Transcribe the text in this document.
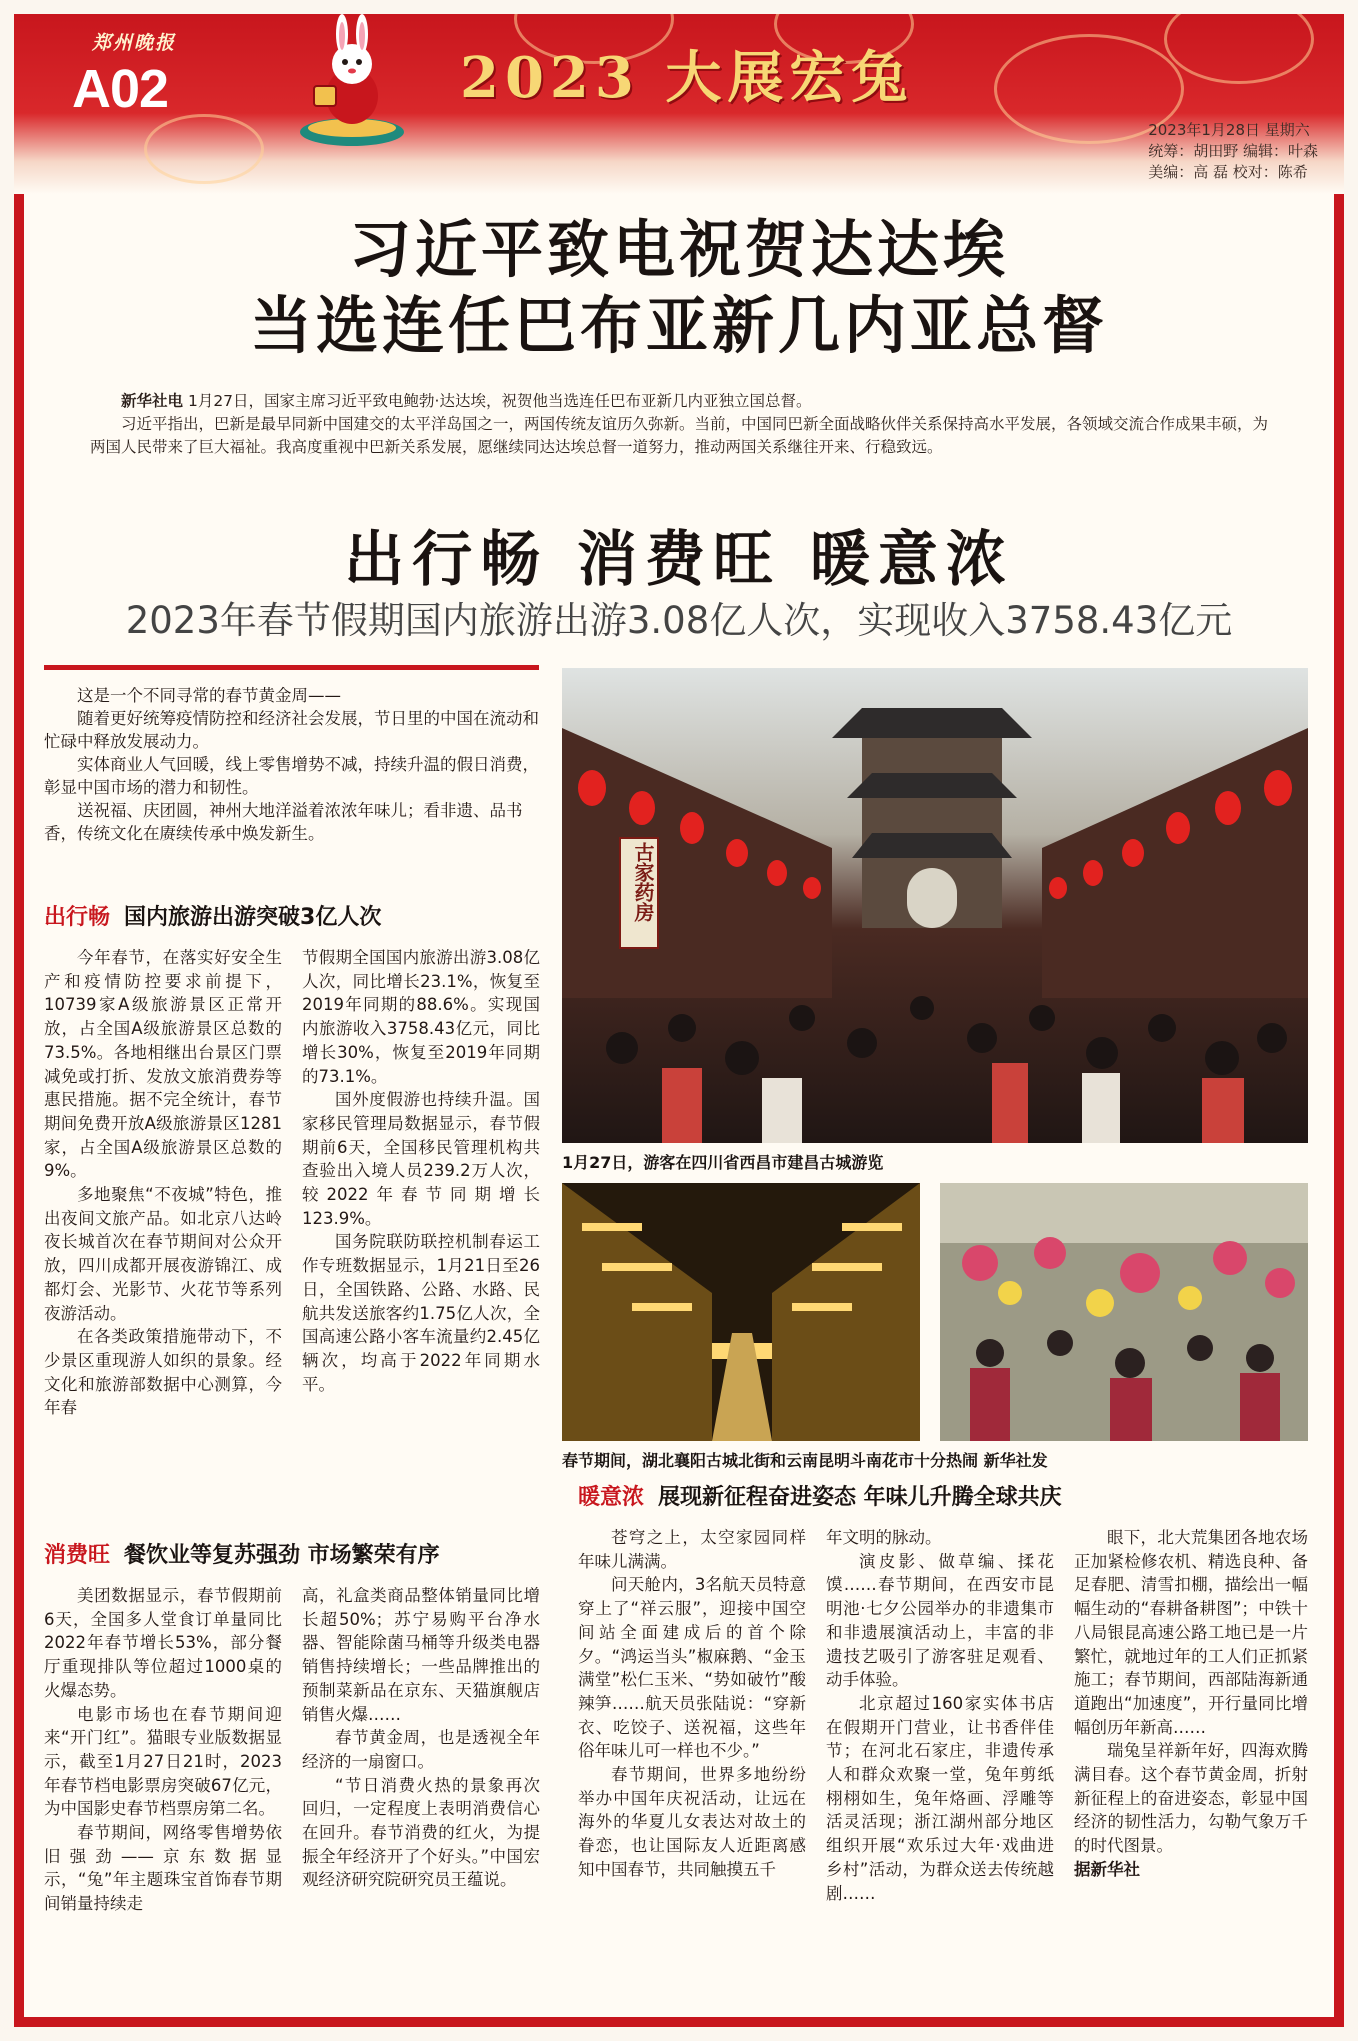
郑州晚报
A02	2023 大展宏兔
2023年1月28日 星期六
统筹：胡田野 编辑：叶森
美编：高 磊 校对：陈希
习近平致电祝贺达达埃
当选连任巴布亚新几内亚总督

新华社电 1月27日，国家主席习近平致电鲍勃·达达埃，祝贺他当选连任巴布亚新几内亚独立国总督。

习近平指出，巴新是最早同新中国建交的太平洋岛国之一，两国传统友谊历久弥新。当前，中国同巴新全面战略伙伴关系保持高水平发展，各领域交流合作成果丰硕，为两国人民带来了巨大福祉。我高度重视中巴新关系发展，愿继续同达达埃总督一道努力，推动两国关系继往开来、行稳致远。

出行畅 消费旺 暖意浓
2023年春节假期国内旅游出游3.08亿人次，实现收入3758.43亿元

这是一个不同寻常的春节黄金周——

随着更好统筹疫情防控和经济社会发展，节日里的中国在流动和忙碌中释放发展动力。

实体商业人气回暖，线上零售增势不减，持续升温的假日消费，彰显中国市场的潜力和韧性。

送祝福、庆团圆，神州大地洋溢着浓浓年味儿；看非遗、品书香，传统文化在赓续传承中焕发新生。

出行畅 国内旅游出游突破3亿人次

今年春节，在落实好安全生产和疫情防控要求前提下，10739家A级旅游景区正常开放，占全国A级旅游景区总数的73.5%。各地相继出台景区门票减免或打折、发放文旅消费券等惠民措施。据不完全统计，春节期间免费开放A级旅游景区1281家，占全国A级旅游景区总数的9%。

多地聚焦“不夜城”特色，推出夜间文旅产品。如北京八达岭夜长城首次在春节期间对公众开放，四川成都开展夜游锦江、成都灯会、光影节、火花节等系列夜游活动。

在各类政策措施带动下，不少景区重现游人如织的景象。经文化和旅游部数据中心测算，今年春

节假期全国国内旅游出游3.08亿人次，同比增长23.1%，恢复至2019年同期的88.6%。实现国内旅游收入3758.43亿元，同比增长30%，恢复至2019年同期的73.1%。

国外度假游也持续升温。国家移民管理局数据显示，春节假期前6天，全国移民管理机构共查验出入境人员239.2万人次，较2022年春节同期增长123.9%。

国务院联防联控机制春运工作专班数据显示，1月21日至26日，全国铁路、公路、水路、民航共发送旅客约1.75亿人次，全国高速公路小客车流量约2.45亿辆次，均高于2022年同期水平。

消费旺 餐饮业等复苏强劲 市场繁荣有序

美团数据显示，春节假期前6天，全国多人堂食订单量同比2022年春节增长53%，部分餐厅重现排队等位超过1000桌的火爆态势。

电影市场也在春节期间迎来“开门红”。猫眼专业版数据显示，截至1月27日21时，2023年春节档电影票房突破67亿元，为中国影史春节档票房第二名。

春节期间，网络零售增势依旧强劲——京东数据显示，“兔”年主题珠宝首饰春节期间销量持续走

高，礼盒类商品整体销量同比增长超50%；苏宁易购平台净水器、智能除菌马桶等升级类电器销售持续增长；一些品牌推出的预制菜新品在京东、天猫旗舰店销售火爆……

春节黄金周，也是透视全年经济的一扇窗口。

“节日消费火热的景象再次回归，一定程度上表明消费信心在回升。春节消费的红火，为提振全年经济开了个好头。”中国宏观经济研究院研究员王蕴说。

古家药房
1月27日，游客在四川省西昌市建昌古城游览
春节期间，湖北襄阳古城北街和云南昆明斗南花市十分热闹 新华社发
暖意浓 展现新征程奋进姿态 年味儿升腾全球共庆

苍穹之上，太空家园同样年味儿满满。

问天舱内，3名航天员特意穿上了“祥云服”，迎接中国空间站全面建成后的首个除夕。“鸿运当头”椒麻鹅、“金玉满堂”松仁玉米、“势如破竹”酸辣笋……航天员张陆说：“穿新衣、吃饺子、送祝福，这些年俗年味儿可一样也不少。”

春节期间，世界多地纷纷举办中国年庆祝活动，让远在海外的华夏儿女表达对故土的眷恋，也让国际友人近距离感知中国春节，共同触摸五千

年文明的脉动。

演皮影、做草编、揉花馍……春节期间，在西安市昆明池·七夕公园举办的非遗集市和非遗展演活动上，丰富的非遗技艺吸引了游客驻足观看、动手体验。

北京超过160家实体书店在假期开门营业，让书香伴佳节；在河北石家庄，非遗传承人和群众欢聚一堂，兔年剪纸栩栩如生，兔年烙画、浮雕等活灵活现；浙江湖州部分地区组织开展“欢乐过大年·戏曲进乡村”活动，为群众送去传统越剧……

眼下，北大荒集团各地农场正加紧检修农机、精选良种、备足春肥、清雪扣棚，描绘出一幅幅生动的“春耕备耕图”；中铁十八局银昆高速公路工地已是一片繁忙，就地过年的工人们正抓紧施工；春节期间，西部陆海新通道跑出“加速度”，开行量同比增幅创历年新高……

瑞兔呈祥新年好，四海欢腾满目春。这个春节黄金周，折射新征程上的奋进姿态，彰显中国经济的韧性活力，勾勒气象万千的时代图景。

据新华社
